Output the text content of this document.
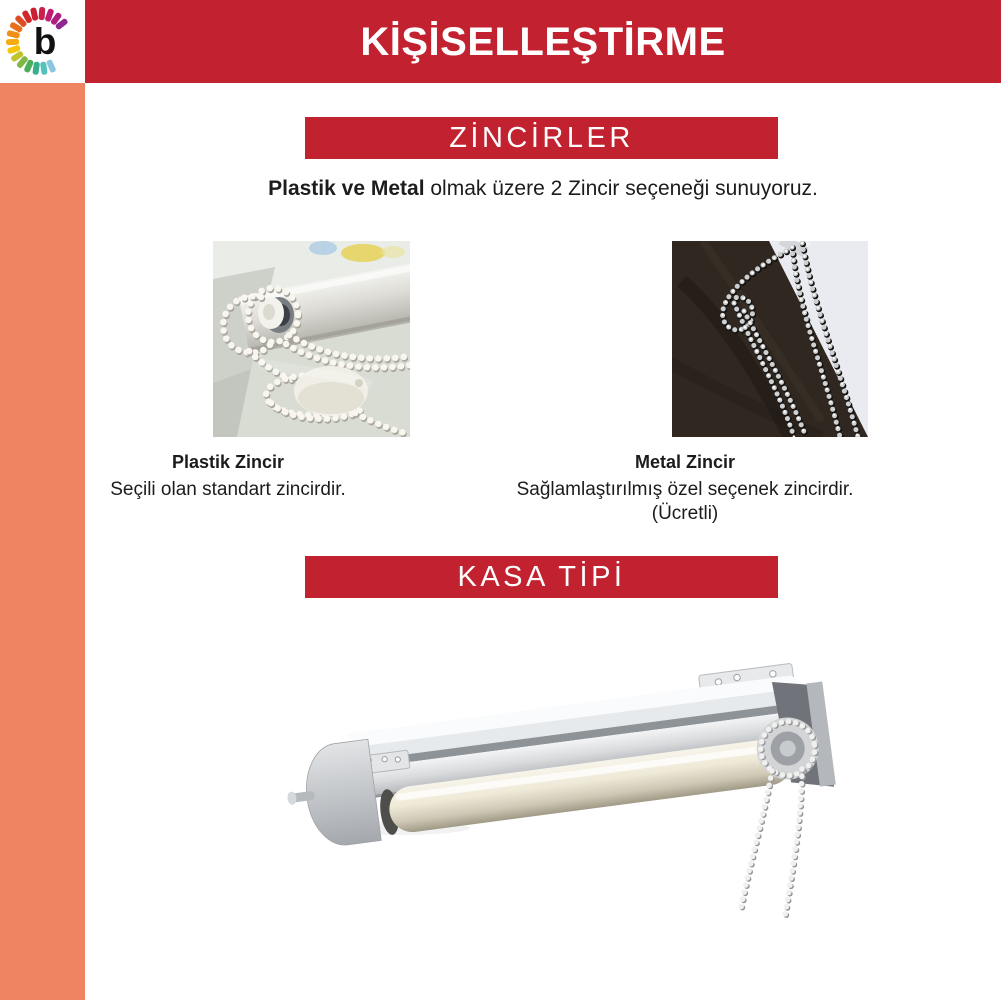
b	KİŞİSELLEŞTİRME
ZİNCİRLER

Plastik ve Metal olmak üzere 2 Zincir seçeneği sunuyoruz.

Plastik Zincir

Seçili olan standart zincirdir.

Metal Zincir

Sağlamlaştırılmış özel seçenek zincirdir.

(Ücretli)

KASA TİPİ
